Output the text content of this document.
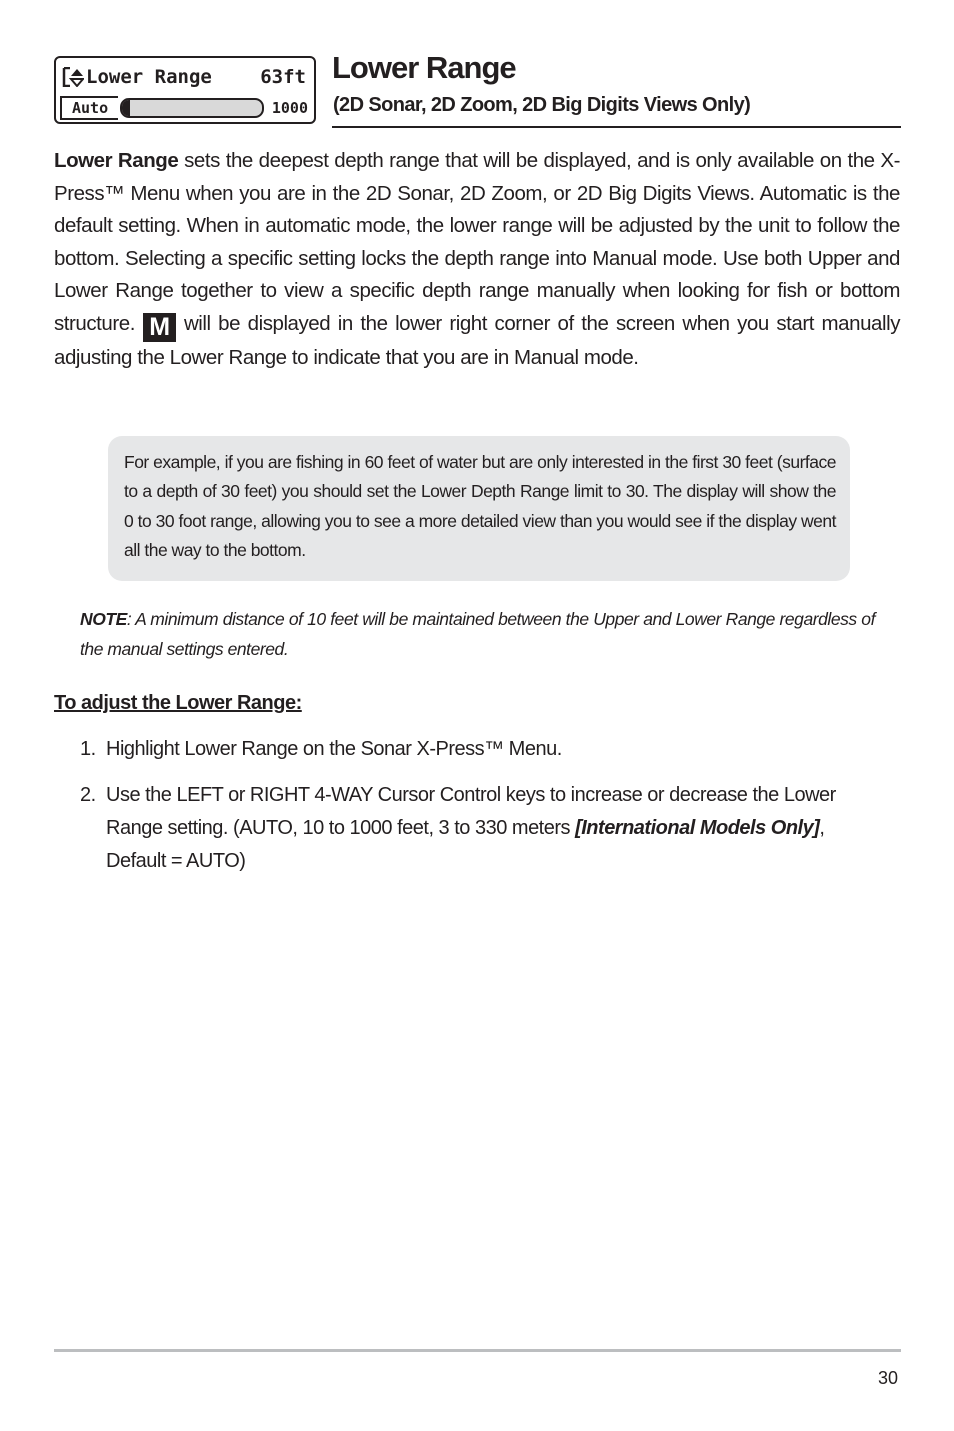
Lower Range	63ft
Auto	1000
Lower Range
(2D Sonar, 2D Zoom, 2D Big Digits Views Only)
Lower Range sets the deepest depth range that will be displayed, and is only available on the X-Press™ Menu when you are in the 2D Sonar, 2D Zoom, or 2D Big Digits Views. Automatic is the default setting. When in automatic mode, the lower range will be adjusted by the unit to follow the bottom. Selecting a specific setting locks the depth range into Manual mode. Use both Upper and Lower Range together to view a specific depth range manually when looking for fish or bottom structure. M will be displayed in the lower right corner of the screen when you start manually adjusting the Lower Range to indicate that you are in Manual mode.
For example, if you are fishing in 60 feet of water but are only interested in the first 30 feet (surface to a depth of 30 feet) you should set the Lower Depth Range limit to 30. The display will show the 0 to 30 foot range, allowing you to see a more detailed view than you would see if the display went all the way to the bottom.
NOTE: A minimum distance of 10 feet will be maintained between the Upper and Lower Range regardless of the manual settings entered.
To adjust the Lower Range:
1. Highlight Lower Range on the Sonar X-Press™ Menu.
2. Use the LEFT or RIGHT 4-WAY Cursor Control keys to increase or decrease the Lower Range setting. (AUTO, 10 to 1000 feet, 3 to 330 meters [International Models Only], Default = AUTO)
30
